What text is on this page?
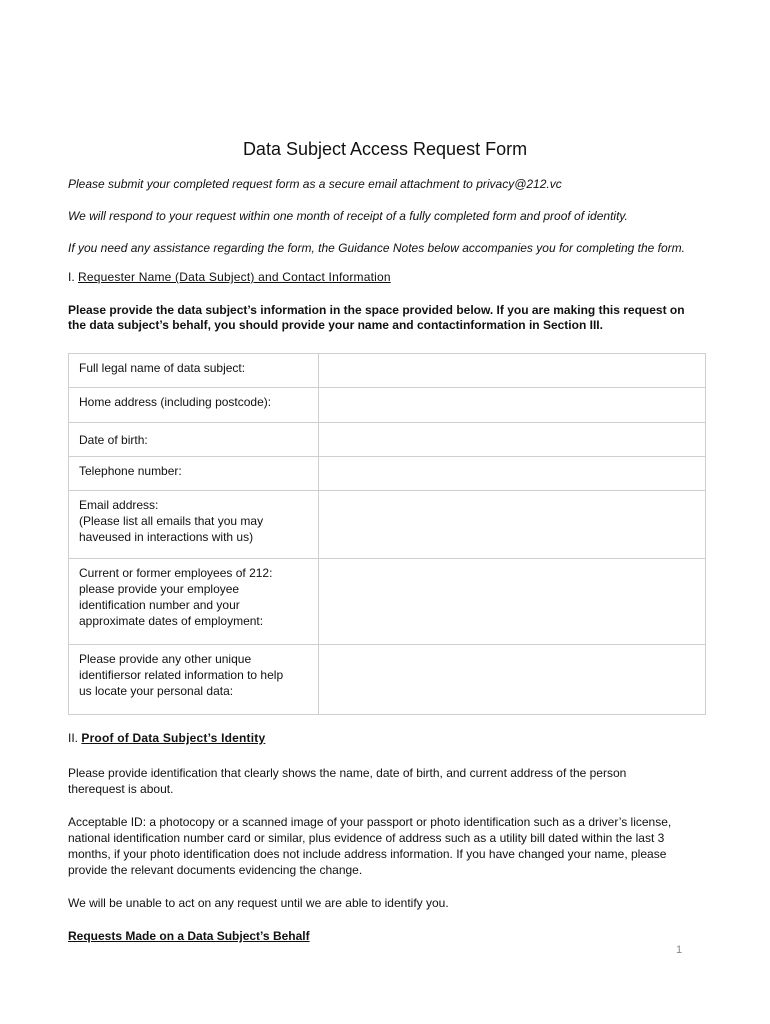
Data Subject Access Request Form

Please submit your completed request form as a secure email attachment to privacy@212.vc

We will respond to your request within one month of receipt of a fully completed form and proof of identity.

If you need any assistance regarding the form, the Guidance Notes below accompanies you for completing the form.

I. Requester Name (Data Subject) and Contact Information

Please provide the data subject’s information in the space provided below. If you are making this request on
the data subject’s behalf, you should provide your name and contactinformation in Section III.

Full legal name of data subject:	
Home address (including postcode):	
Date of birth:	
Telephone number:	
Email address:
(Please list all emails that you may
haveused in interactions with us)	
Current or former employees of 212:
please provide your employee
identification number and your
approximate dates of employment:	
Please provide any other unique
identifiersor related information to help
us locate your personal data:	

II. Proof of Data Subject’s Identity

Please provide identification that clearly shows the name, date of birth, and current address of the person
therequest is about.

Acceptable ID: a photocopy or a scanned image of your passport or photo identification such as a driver’s license,
national identification number card or similar, plus evidence of address such as a utility bill dated within the last 3
months, if your photo identification does not include address information. If you have changed your name, please
provide the relevant documents evidencing the change.

We will be unable to act on any request until we are able to identify you.

Requests Made on a Data Subject’s Behalf

1
